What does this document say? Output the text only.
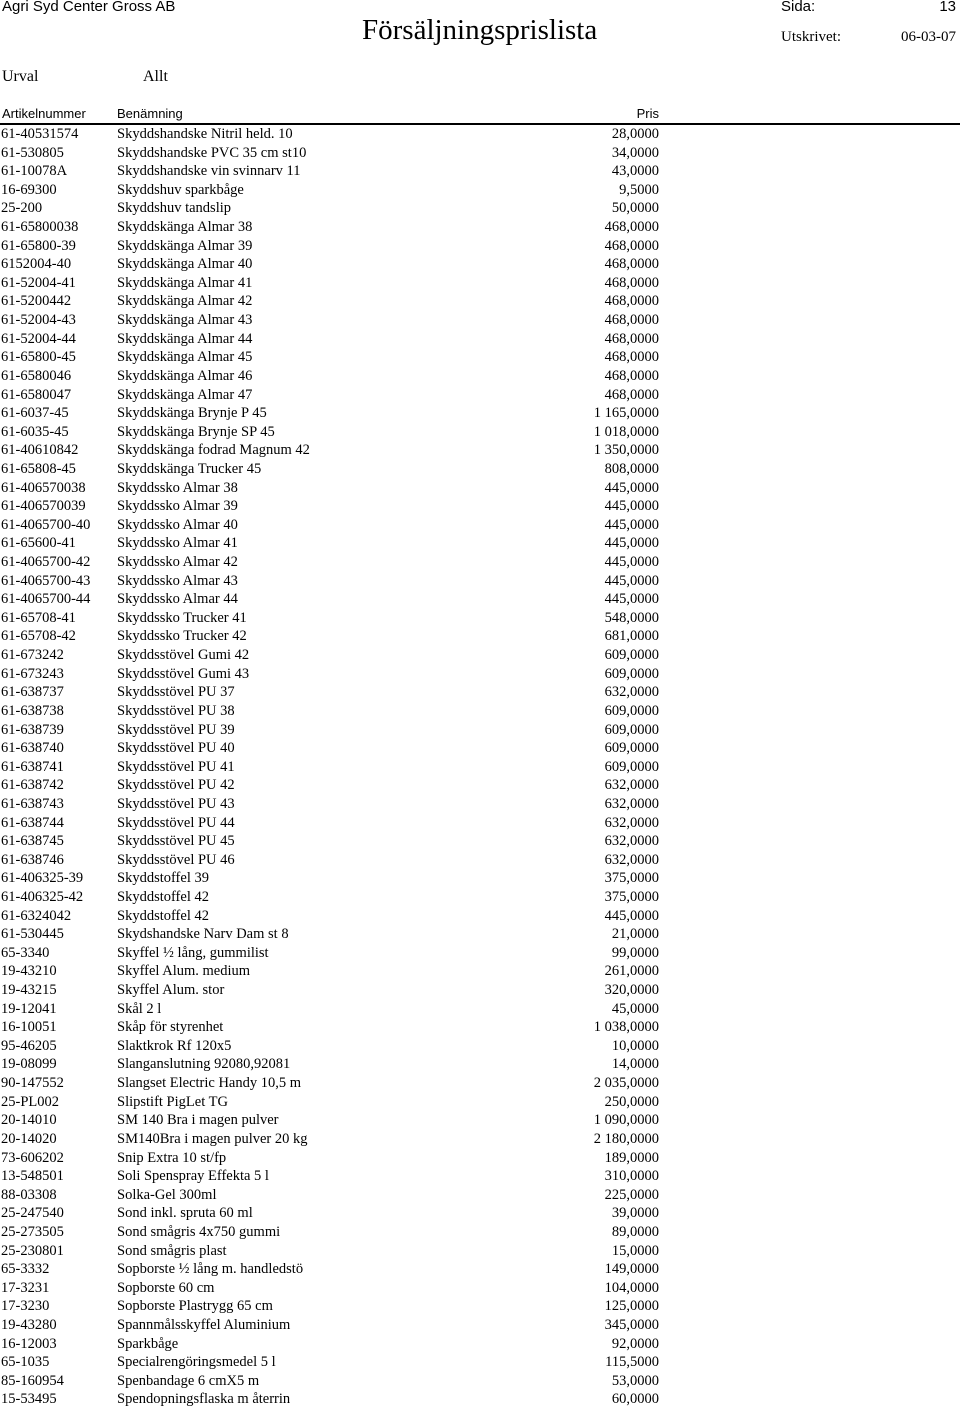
Agri Syd Center Gross AB
Försäljningsprislista
Sida:	13
Utskrivet:	06-03-07
Urval	Allt
Artikelnummer Benämning	Pris
61-40531574	Skyddshandske Nitril held. 10	28,0000
61-530805	Skyddshandske PVC 35 cm st10	34,0000
61-10078A	Skyddshandske vin svinnarv 11	43,0000
16-69300	Skyddshuv sparkbåge	9,5000
25-200	Skyddshuv tandslip	50,0000
61-65800038	Skyddskänga Almar 38	468,0000
61-65800-39	Skyddskänga Almar 39	468,0000
6152004-40	Skyddskänga Almar 40	468,0000
61-52004-41	Skyddskänga Almar 41	468,0000
61-5200442	Skyddskänga Almar 42	468,0000
61-52004-43	Skyddskänga Almar 43	468,0000
61-52004-44	Skyddskänga Almar 44	468,0000
61-65800-45	Skyddskänga Almar 45	468,0000
61-6580046	Skyddskänga Almar 46	468,0000
61-6580047	Skyddskänga Almar 47	468,0000
61-6037-45	Skyddskänga Brynje P 45	1 165,0000
61-6035-45	Skyddskänga Brynje SP 45	1 018,0000
61-40610842	Skyddskänga fodrad Magnum 42	1 350,0000
61-65808-45	Skyddskänga Trucker 45	808,0000
61-406570038 Skyddssko Almar 38	445,0000
61-406570039 Skyddssko Almar 39	445,0000
61-4065700-40 Skyddssko Almar 40	445,0000
61-65600-41	Skyddssko Almar 41	445,0000
61-4065700-42 Skyddssko Almar 42	445,0000
61-4065700-43 Skyddssko Almar 43	445,0000
61-4065700-44 Skyddssko Almar 44	445,0000
61-65708-41	Skyddssko Trucker 41	548,0000
61-65708-42	Skyddssko Trucker 42	681,0000
61-673242	Skyddsstövel Gumi 42	609,0000
61-673243	Skyddsstövel Gumi 43	609,0000
61-638737	Skyddsstövel PU 37	632,0000
61-638738	Skyddsstövel PU 38	609,0000
61-638739	Skyddsstövel PU 39	609,0000
61-638740	Skyddsstövel PU 40	609,0000
61-638741	Skyddsstövel PU 41	609,0000
61-638742	Skyddsstövel PU 42	632,0000
61-638743	Skyddsstövel PU 43	632,0000
61-638744	Skyddsstövel PU 44	632,0000
61-638745	Skyddsstövel PU 45	632,0000
61-638746	Skyddsstövel PU 46	632,0000
61-406325-39 Skyddstoffel 39	375,0000
61-406325-42 Skyddstoffel 42	375,0000
61-6324042	Skyddstoffel 42	445,0000
61-530445	Skydshandske Narv Dam st 8	21,0000
65-3340	Skyffel ½ lång, gummilist	99,0000
19-43210	Skyffel Alum. medium	261,0000
19-43215	Skyffel Alum. stor	320,0000
19-12041	Skål 2 l	45,0000
16-10051	Skåp för styrenhet	1 038,0000
95-46205	Slaktkrok Rf 120x5	10,0000
19-08099	Slanganslutning 92080,92081	14,0000
90-147552	Slangset Electric Handy 10,5 m	2 035,0000
25-PL002	Slipstift PigLet TG	250,0000
20-14010	SM 140 Bra i magen pulver	1 090,0000
20-14020	SM140Bra i magen pulver 20 kg	2 180,0000
73-606202	Snip Extra 10 st/fp	189,0000
13-548501	Soli Spenspray Effekta 5 l	310,0000
88-03308	Solka-Gel 300ml	225,0000
25-247540	Sond inkl. spruta 60 ml	39,0000
25-273505	Sond smågris 4x750 gummi	89,0000
25-230801	Sond smågris plast	15,0000
65-3332	Sopborste ½ lång m. handledstö	149,0000
17-3231	Sopborste 60 cm	104,0000
17-3230	Sopborste Plastrygg 65 cm	125,0000
19-43280	Spannmålsskyffel Aluminium	345,0000
16-12003	Sparkbåge	92,0000
65-1035	Specialrengöringsmedel 5 l	115,5000
85-160954	Spenbandage 6 cmX5 m	53,0000
15-53495	Spendopningsflaska m återrin	60,0000
